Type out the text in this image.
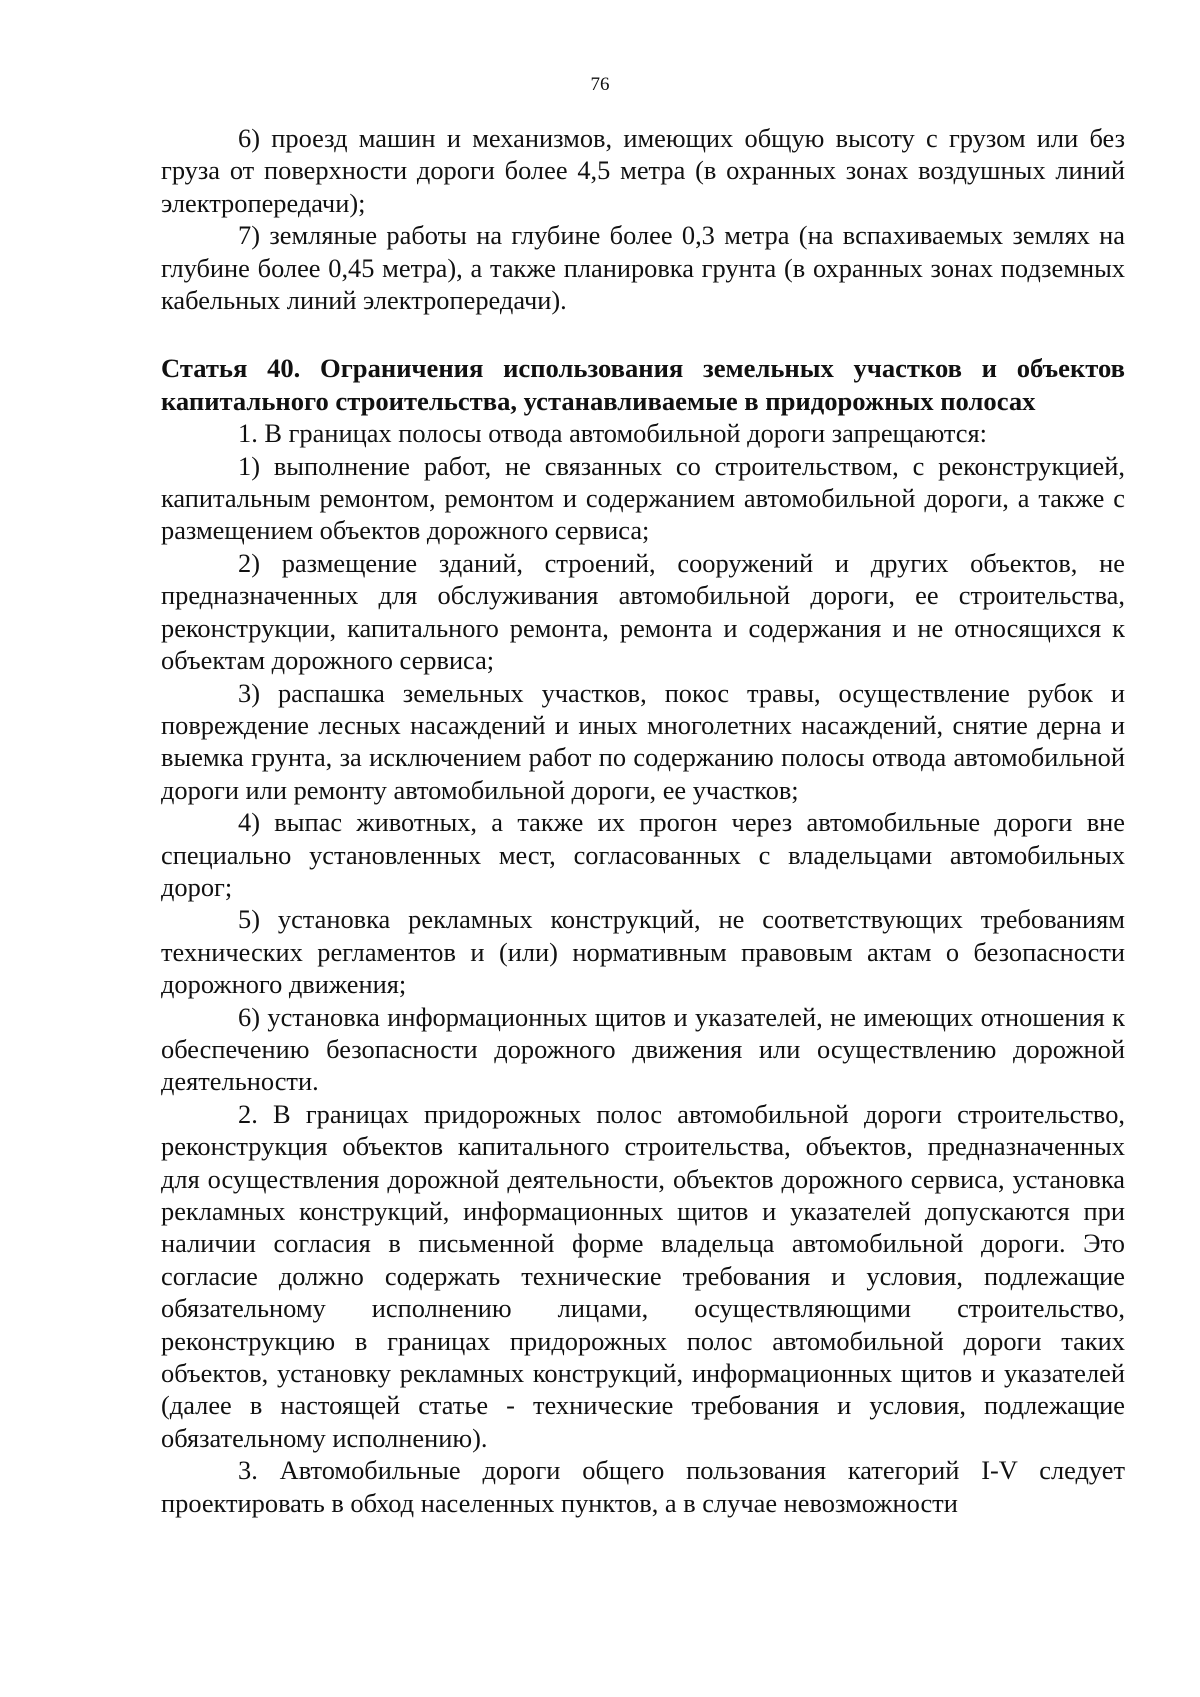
76

6) проезд машин и механизмов, имеющих общую высоту с грузом или без груза от поверхности дороги более 4,5 метра (в охранных зонах воздушных линий электропередачи);

7) земляные работы на глубине более 0,3 метра (на вспахиваемых землях на глубине более 0,45 метра), а также планировка грунта (в охранных зонах подземных кабельных линий электропередачи).

Статья 40. Ограничения использования земельных участков и объектов капитального строительства, устанавливаемые в придорожных полосах

1. В границах полосы отвода автомобильной дороги запрещаются:

1) выполнение работ, не связанных со строительством, с реконструкцией, капитальным ремонтом, ремонтом и содержанием автомобильной дороги, а также с размещением объектов дорожного сервиса;

2) размещение зданий, строений, сооружений и других объектов, не предназначенных для обслуживания автомобильной дороги, ее строительства, реконструкции, капитального ремонта, ремонта и содержания и не относящихся к объектам дорожного сервиса;

3) распашка земельных участков, покос травы, осуществление рубок и повреждение лесных насаждений и иных многолетних насаждений, снятие дерна и выемка грунта, за исключением работ по содержанию полосы отвода автомобильной дороги или ремонту автомобильной дороги, ее участков;

4) выпас животных, а также их прогон через автомобильные дороги вне специально установленных мест, согласованных с владельцами автомобильных дорог;

5) установка рекламных конструкций, не соответствующих требованиям технических регламентов и (или) нормативным правовым актам о безопасности дорожного движения;

6) установка информационных щитов и указателей, не имеющих отношения к обеспечению безопасности дорожного движения или осуществлению дорожной деятельности.

2. В границах придорожных полос автомобильной дороги строительство, реконструкция объектов капитального строительства, объектов, предназначенных для осуществления дорожной деятельности, объектов дорожного сервиса, установка рекламных конструкций, информационных щитов и указателей допускаются при наличии согласия в письменной форме владельца автомобильной дороги. Это согласие должно содержать технические требования и условия, подлежащие обязательному исполнению лицами, осуществляющими строительство, реконструкцию в границах придорожных полос автомобильной дороги таких объектов, установку рекламных конструкций, информационных щитов и указателей (далее в настоящей статье - технические требования и условия, подлежащие обязательному исполнению).

3. Автомобильные дороги общего пользования категорий I-V следует проектировать в обход населенных пунктов, а в случае невозможности
